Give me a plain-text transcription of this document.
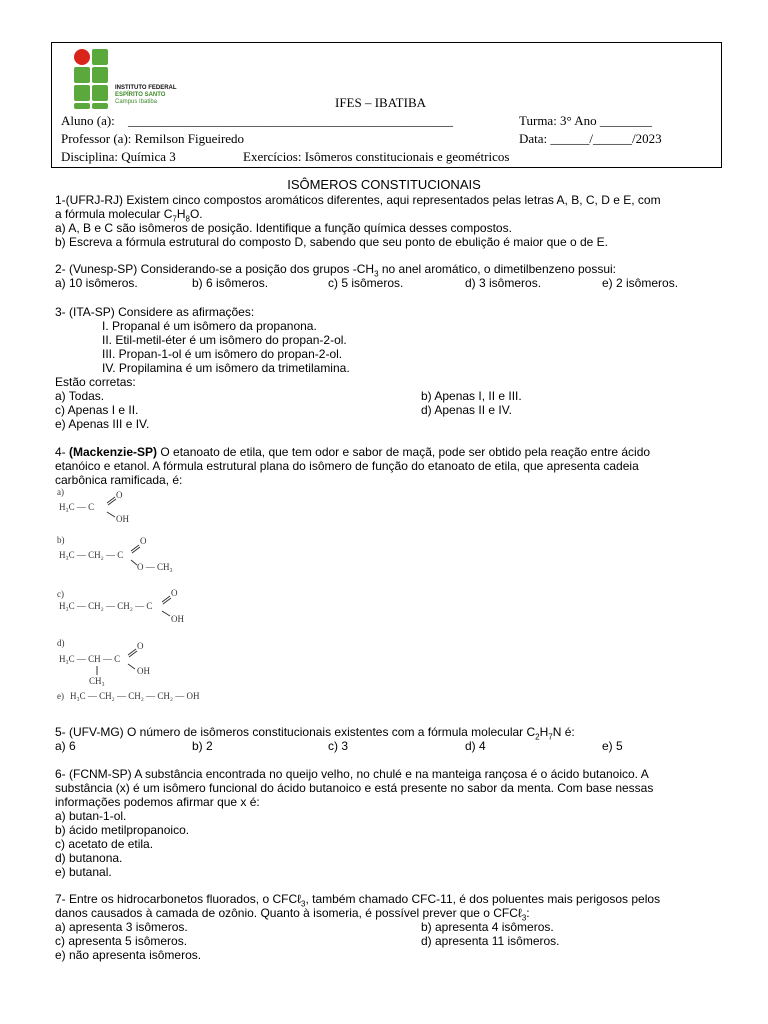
INSTITUTO FEDERAL
ESPÍRITO SANTO
Campus Ibatiba	IFES – IBATIBA
Aluno (a): __________________________________________________	Turma: 3° Ano ________
Professor (a): Remilson Figueiredo	Data: ______/______/2023
Disciplina: Química 3	Exercícios: Isômeros constitucionais e geométricos
ISÔMEROS CONSTITUCIONAIS
1-(UFRJ-RJ) Existem cinco compostos aromáticos diferentes, aqui representados pelas letras A, B, C, D e E, com
a fórmula molecular $C_7H_8O$.
a) A, B e C são isômeros de posição. Identifique a função química desses compostos.
b) Escreva a fórmula estrutural do composto D, sabendo que seu ponto de ebulição é maior que o de E.
2- (Vunesp-SP) Considerando-se a posição dos grupos $-CH_3$ no anel aromático, o dimetilbenzeno possui:
a) 10 isômeros.	b) 6 isômeros.	c) 5 isômeros.	d) 3 isômeros.	e) 2 isômeros.
3- (ITA-SP) Considere as afirmações:
I. Propanal é um isômero da propanona.
II. Etil-metil-éter é um isômero do propan-2-ol.
III. Propan-1-ol é um isômero do propan-2-ol.
IV. Propilamina é um isômero da trimetilamina.
Estão corretas:
a) Todas.	b) Apenas I, II e III.
c) Apenas I e II.	d) Apenas II e IV.
e) Apenas III e IV.
4- (Mackenzie-SP) O etanoato de etila, que tem odor e sabor de maçã, pode ser obtido pela reação entre ácido
etanóico e etanol. A fórmula estrutural plana do isômero de função do etanoato de etila, que apresenta cadeia
carbônica ramificada, é:
a)
H₃C — C
O
OH
b)
H₃C — CH₂ — C
O
O — CH₃
c)
H₃C — CH₂ — CH₂ — C
O
OH
d)
H₃C — CH — C
O
OH
CH₃
e) H₃C — CH₂ — CH₂ — CH₂ — OH
5- (UFV-MG) O número de isômeros constitucionais existentes com a fórmula molecular $C_2H_7N$ é:
a) 6	b) 2	c) 3	d) 4	e) 5
6- (FCNM-SP) A substância encontrada no queijo velho, no chulé e na manteiga rançosa é o ácido butanoico. A
substância (x) é um isômero funcional do ácido butanoico e está presente no sabor da menta. Com base nessas
informações podemos afirmar que x é:
a) butan-1-ol.
b) ácido metilpropanoico.
c) acetato de etila.
d) butanona.
e) butanal.
7- Entre os hidrocarbonetos fluorados, o CFCℓ$_3$, também chamado CFC-11, é dos poluentes mais perigosos pelos
danos causados à camada de ozônio. Quanto à isomeria, é possível prever que o CFCℓ$_3$:
a) apresenta 3 isômeros.	b) apresenta 4 isômeros.
c) apresenta 5 isômeros.	d) apresenta 11 isômeros.
e) não apresenta isômeros.
